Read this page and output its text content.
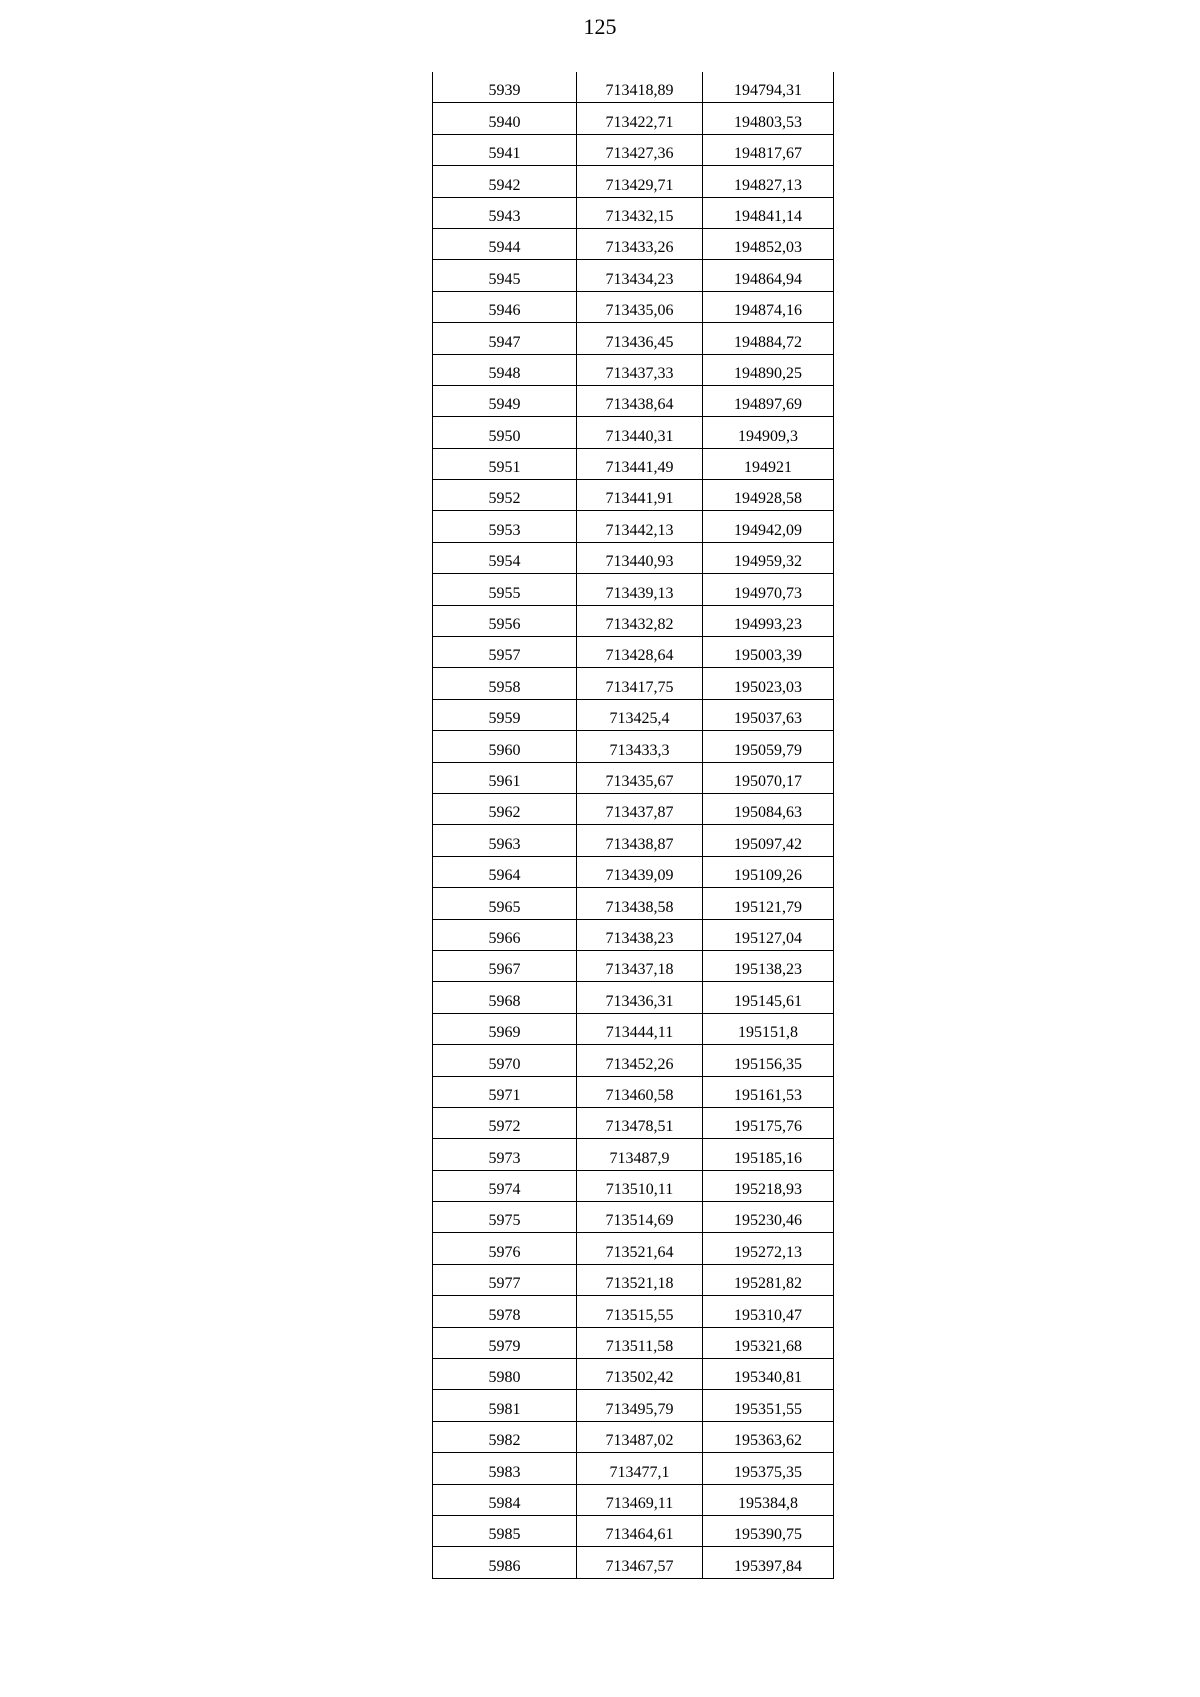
125
5939	713418,89	194794,31

5940	713422,71	194803,53

5941	713427,36	194817,67

5942	713429,71	194827,13

5943	713432,15	194841,14

5944	713433,26	194852,03

5945	713434,23	194864,94

5946	713435,06	194874,16

5947	713436,45	194884,72

5948	713437,33	194890,25

5949	713438,64	194897,69

5950	713440,31	194909,3

5951	713441,49	194921

5952	713441,91	194928,58

5953	713442,13	194942,09

5954	713440,93	194959,32

5955	713439,13	194970,73

5956	713432,82	194993,23

5957	713428,64	195003,39

5958	713417,75	195023,03

5959	713425,4	195037,63

5960	713433,3	195059,79

5961	713435,67	195070,17

5962	713437,87	195084,63

5963	713438,87	195097,42

5964	713439,09	195109,26

5965	713438,58	195121,79

5966	713438,23	195127,04

5967	713437,18	195138,23

5968	713436,31	195145,61

5969	713444,11	195151,8

5970	713452,26	195156,35

5971	713460,58	195161,53

5972	713478,51	195175,76

5973	713487,9	195185,16

5974	713510,11	195218,93

5975	713514,69	195230,46

5976	713521,64	195272,13

5977	713521,18	195281,82

5978	713515,55	195310,47

5979	713511,58	195321,68

5980	713502,42	195340,81

5981	713495,79	195351,55

5982	713487,02	195363,62

5983	713477,1	195375,35

5984	713469,11	195384,8

5985	713464,61	195390,75

5986	713467,57	195397,84
